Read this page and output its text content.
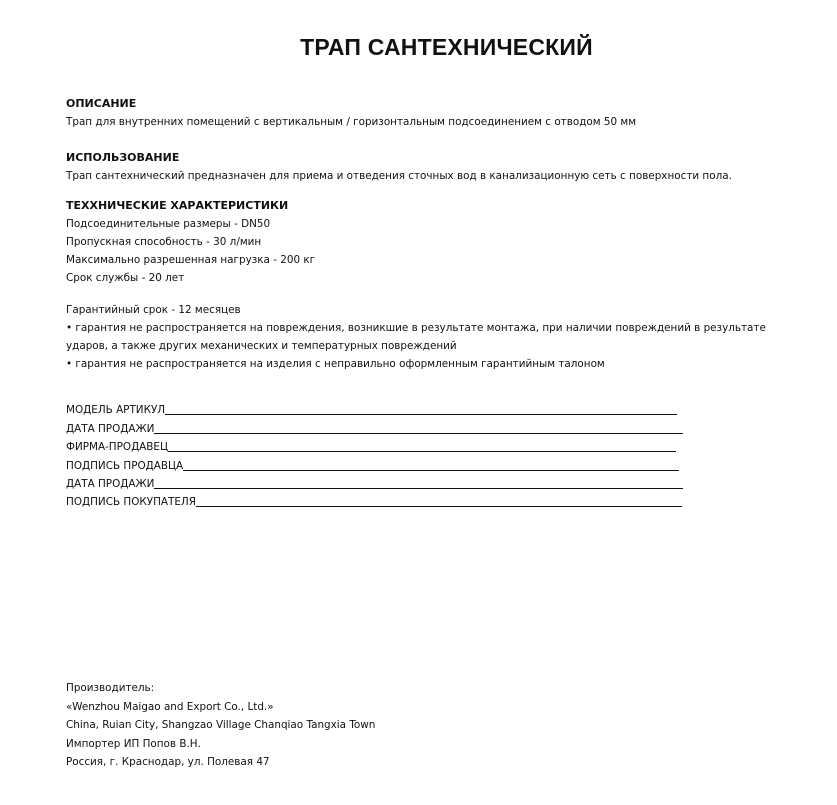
ТРАП САНТЕХНИЧЕСКИЙ
ОПИСАНИЕ
Трап для внутренних помещений с вертикальным / горизонтальным подсоединением с отводом 50 мм
ИСПОЛЬЗОВАНИЕ
Трап сантехнический предназначен для приема и отведения сточных вод в канализационную сеть с поверхности пола.
ТЕХХНИЧЕСКИЕ ХАРАКТЕРИСТИКИ
Подсоединительные размеры - DN50
Пропускная способность - 30 л/мин
Максимально разрешенная нагрузка - 200 кг
Срок службы - 20 лет
Гарантийный срок - 12 месяцев
• гарантия не распространяется на повреждения, возникшие в результате монтажа, при наличии повреждений в результате
ударов, а также других механических и температурных повреждений
• гарантия не распространяется на изделия с неправильно оформленным гарантийным талоном
МОДЕЛЬ АРТИКУЛ
ДАТА ПРОДАЖИ
ФИРМА-ПРОДАВЕЦ
ПОДПИСЬ ПРОДАВЦА
ДАТА ПРОДАЖИ
ПОДПИСЬ ПОКУПАТЕЛЯ
Производитель:
«Wenzhou Maigao and Export Co., Ltd.»
China, Ruian City, Shangzao Village Chanqiao Tangxia Town
Импортер ИП Попов В.Н.
Россия, г. Краснодар, ул. Полевая 47
